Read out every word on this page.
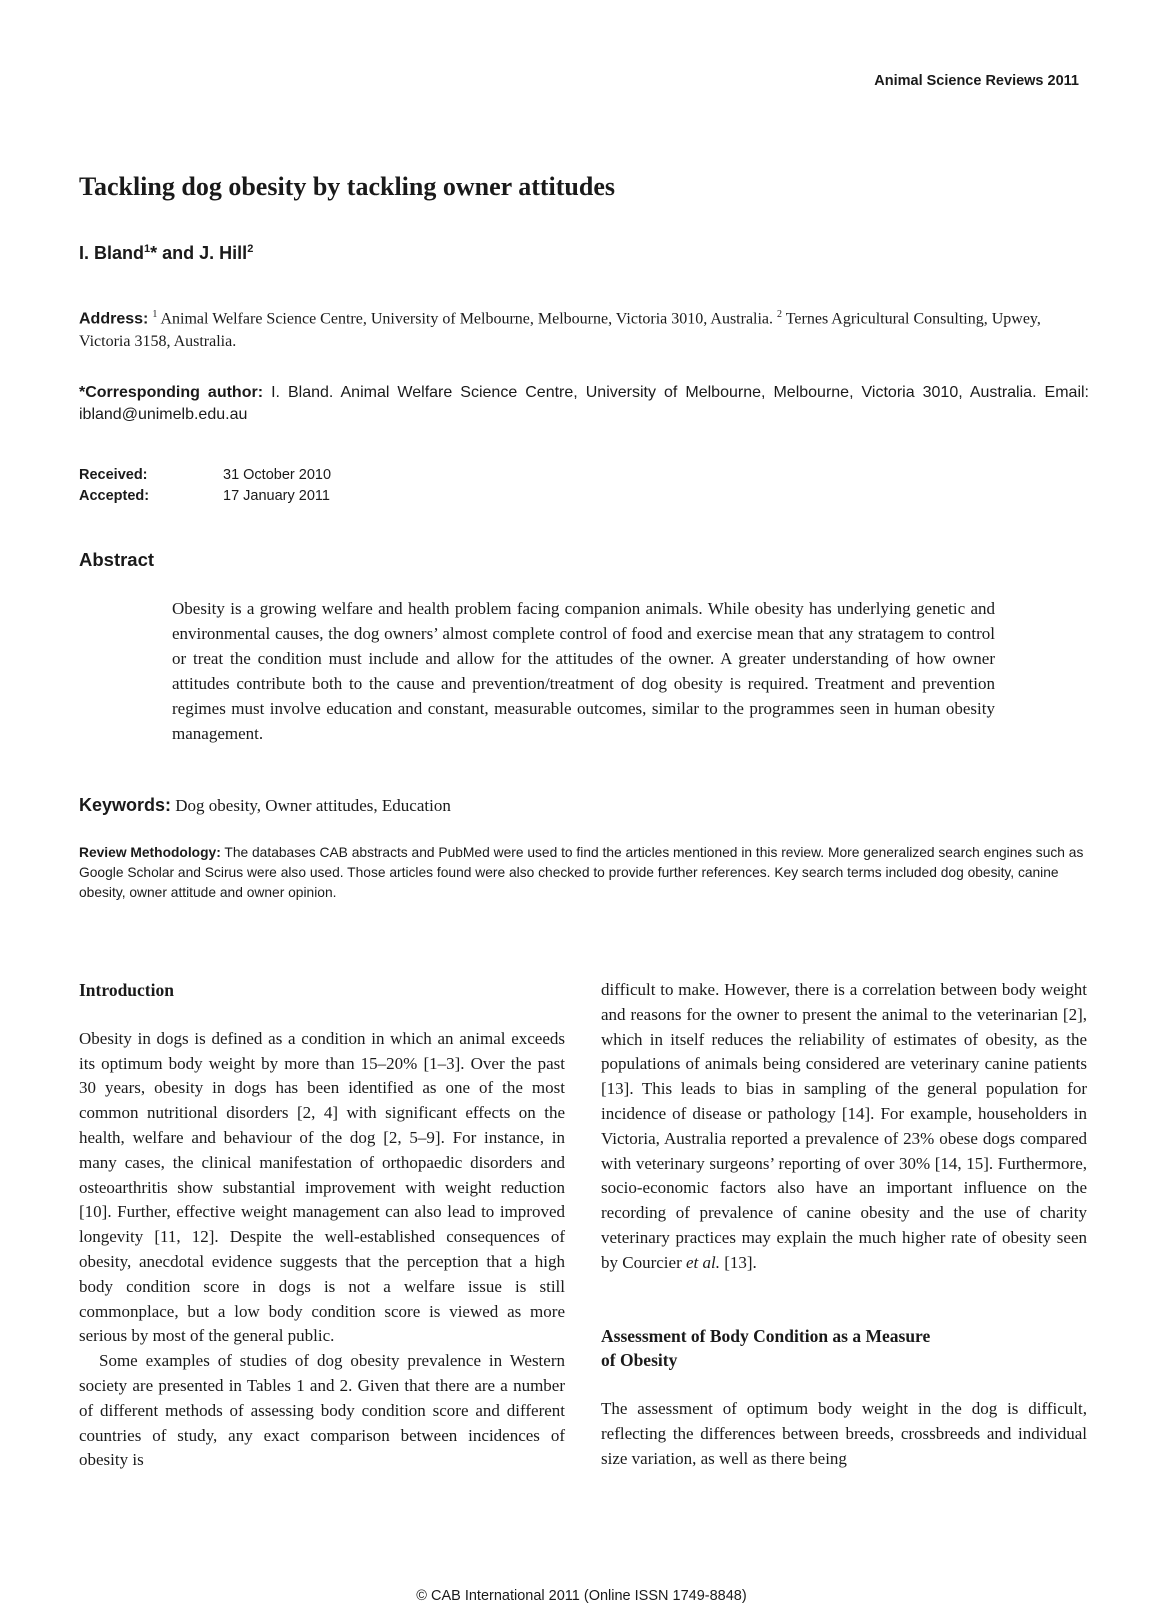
Animal Science Reviews 2011
Tackling dog obesity by tackling owner attitudes
I. Bland$^1$* and J. Hill$^2$
Address: $^1$ Animal Welfare Science Centre, University of Melbourne, Melbourne, Victoria 3010, Australia. $^2$ Ternes Agricultural Consulting, Upwey, Victoria 3158, Australia.
*Corresponding author: I. Bland. Animal Welfare Science Centre, University of Melbourne, Melbourne, Victoria 3010, Australia. Email: ibland@unimelb.edu.au
Received:	31 October 2010
Accepted:	17 January 2011
Abstract

Obesity is a growing welfare and health problem facing companion animals. While obesity has underlying genetic and environmental causes, the dog owners’ almost complete control of food and exercise mean that any stratagem to control or treat the condition must include and allow for the attitudes of the owner. A greater understanding of how owner attitudes contribute both to the cause and prevention/treatment of dog obesity is required. Treatment and prevention regimes must involve education and constant, measurable outcomes, similar to the programmes seen in human obesity management.

Keywords: Dog obesity, Owner attitudes, Education
Review Methodology: The databases CAB abstracts and PubMed were used to find the articles mentioned in this review. More generalized search engines such as Google Scholar and Scirus were also used. Those articles found were also checked to provide further references. Key search terms included dog obesity, canine obesity, owner attitude and owner opinion.
Introduction

Obesity in dogs is defined as a condition in which an animal exceeds its optimum body weight by more than 15–20% [1–3]. Over the past 30 years, obesity in dogs has been identified as one of the most common nutritional disorders [2, 4] with significant effects on the health, welfare and behaviour of the dog [2, 5–9]. For instance, in many cases, the clinical manifestation of orthopaedic disorders and osteoarthritis show substantial improvement with weight reduction [10]. Further, effective weight management can also lead to improved longevity [11, 12]. Despite the well-established consequences of obesity, anecdotal evidence suggests that the perception that a high body condition score in dogs is not a welfare issue is still commonplace, but a low body condition score is viewed as more serious by most of the general public.

Some examples of studies of dog obesity prevalence in Western society are presented in Tables 1 and 2. Given that there are a number of different methods of assessing body condition score and different countries of study, any exact comparison between incidences of obesity is

difficult to make. However, there is a correlation between body weight and reasons for the owner to present the animal to the veterinarian [2], which in itself reduces the reliability of estimates of obesity, as the populations of animals being considered are veterinary canine patients [13]. This leads to bias in sampling of the general population for incidence of disease or pathology [14]. For example, householders in Victoria, Australia reported a prevalence of 23% obese dogs compared with veterinary surgeons’ reporting of over 30% [14, 15]. Furthermore, socio-economic factors also have an important influence on the recording of prevalence of canine obesity and the use of charity veterinary practices may explain the much higher rate of obesity seen by Courcier et al. [13].

Assessment of Body Condition as a Measure
of Obesity

The assessment of optimum body weight in the dog is difficult, reflecting the differences between breeds, crossbreeds and individual size variation, as well as there being

© CAB International 2011 (Online ISSN 1749-8848)
